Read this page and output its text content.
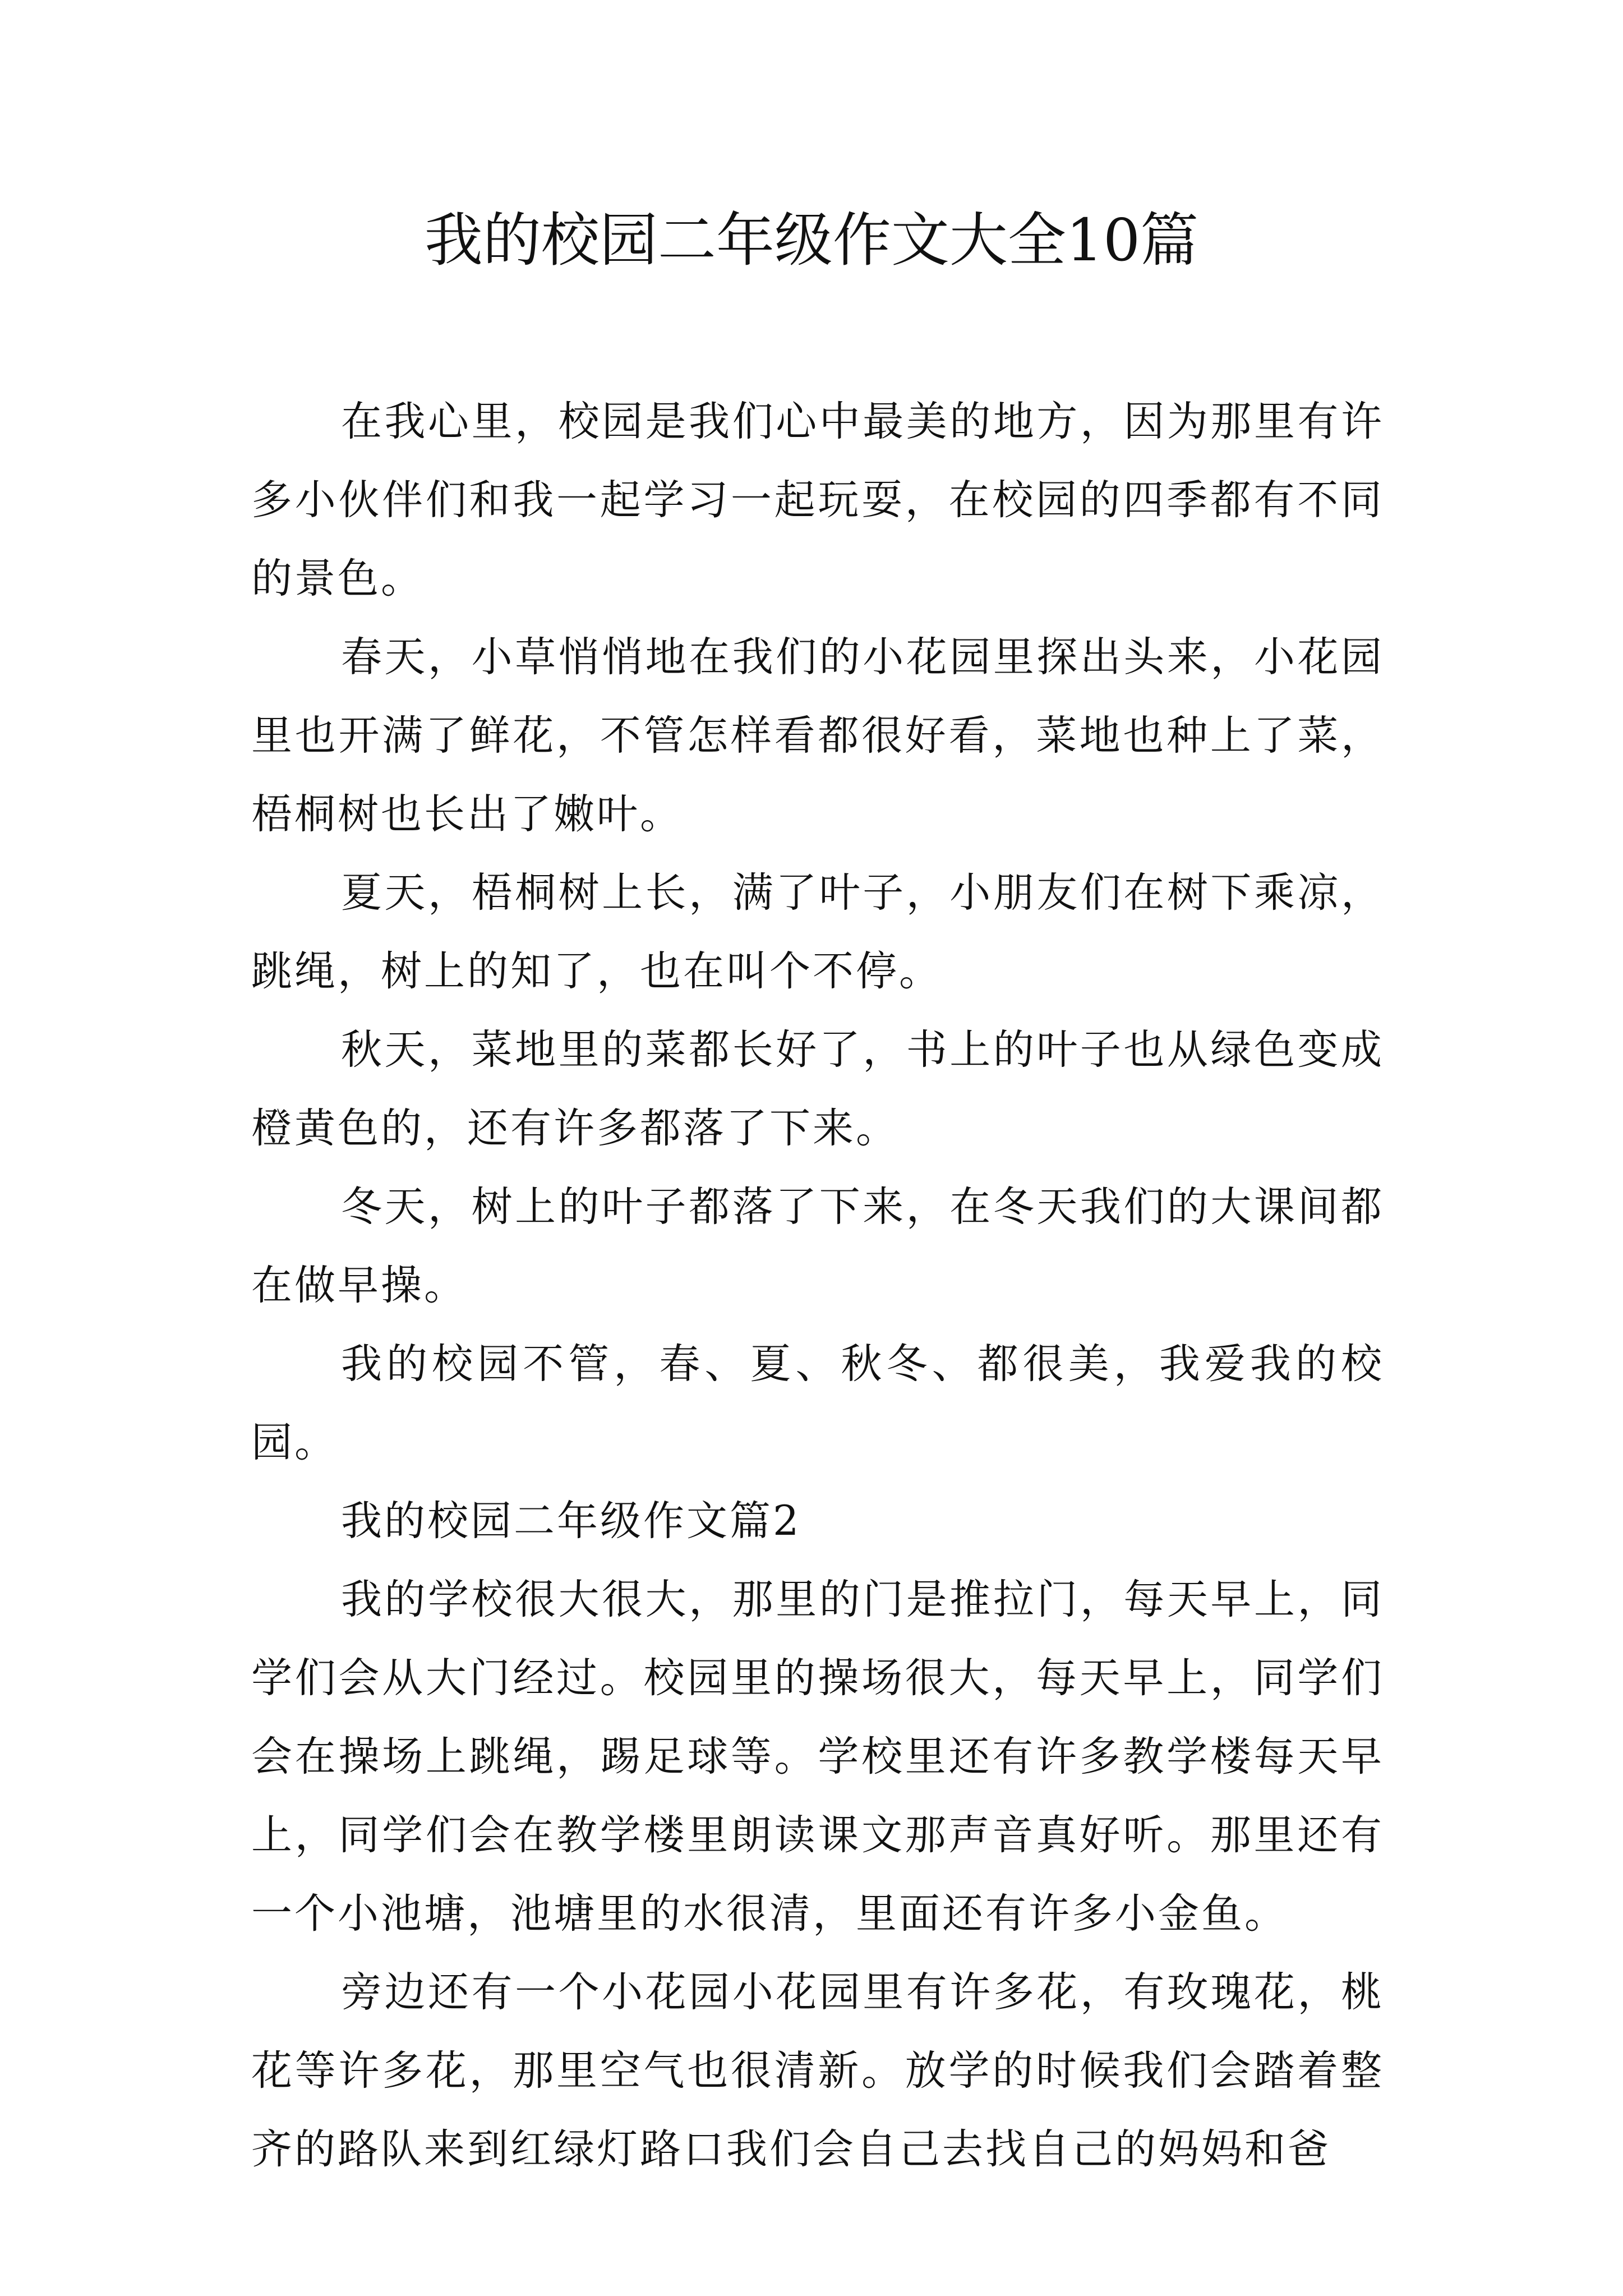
我的校园二年级作文大全10篇

在我心里，校园是我们心中最美的地方，因为那里有许多小伙伴们和我一起学习一起玩耍，在校园的四季都有不同的景色。

春天，小草悄悄地在我们的小花园里探出头来，小花园里也开满了鲜花，不管怎样看都很好看，菜地也种上了菜，梧桐树也长出了嫩叶。

夏天，梧桐树上长，满了叶子，小朋友们在树下乘凉，跳绳，树上的知了，也在叫个不停。

秋天，菜地里的菜都长好了，书上的叶子也从绿色变成橙黄色的，还有许多都落了下来。

冬天，树上的叶子都落了下来，在冬天我们的大课间都在做早操。

我的校园不管，春、夏、秋冬、都很美，我爱我的校园。

我的校园二年级作文篇2

我的学校很大很大，那里的门是推拉门，每天早上，同学们会从大门经过。校园里的操场很大，每天早上，同学们会在操场上跳绳，踢足球等。学校里还有许多教学楼每天早上，同学们会在教学楼里朗读课文那声音真好听。那里还有一个小池塘，池塘里的水很清，里面还有许多小金鱼。

旁边还有一个小花园小花园里有许多花，有玫瑰花，桃花等许多花，那里空气也很清新。放学的时候我们会踏着整齐的路队来到红绿灯路口我们会自己去找自己的妈妈和爸
